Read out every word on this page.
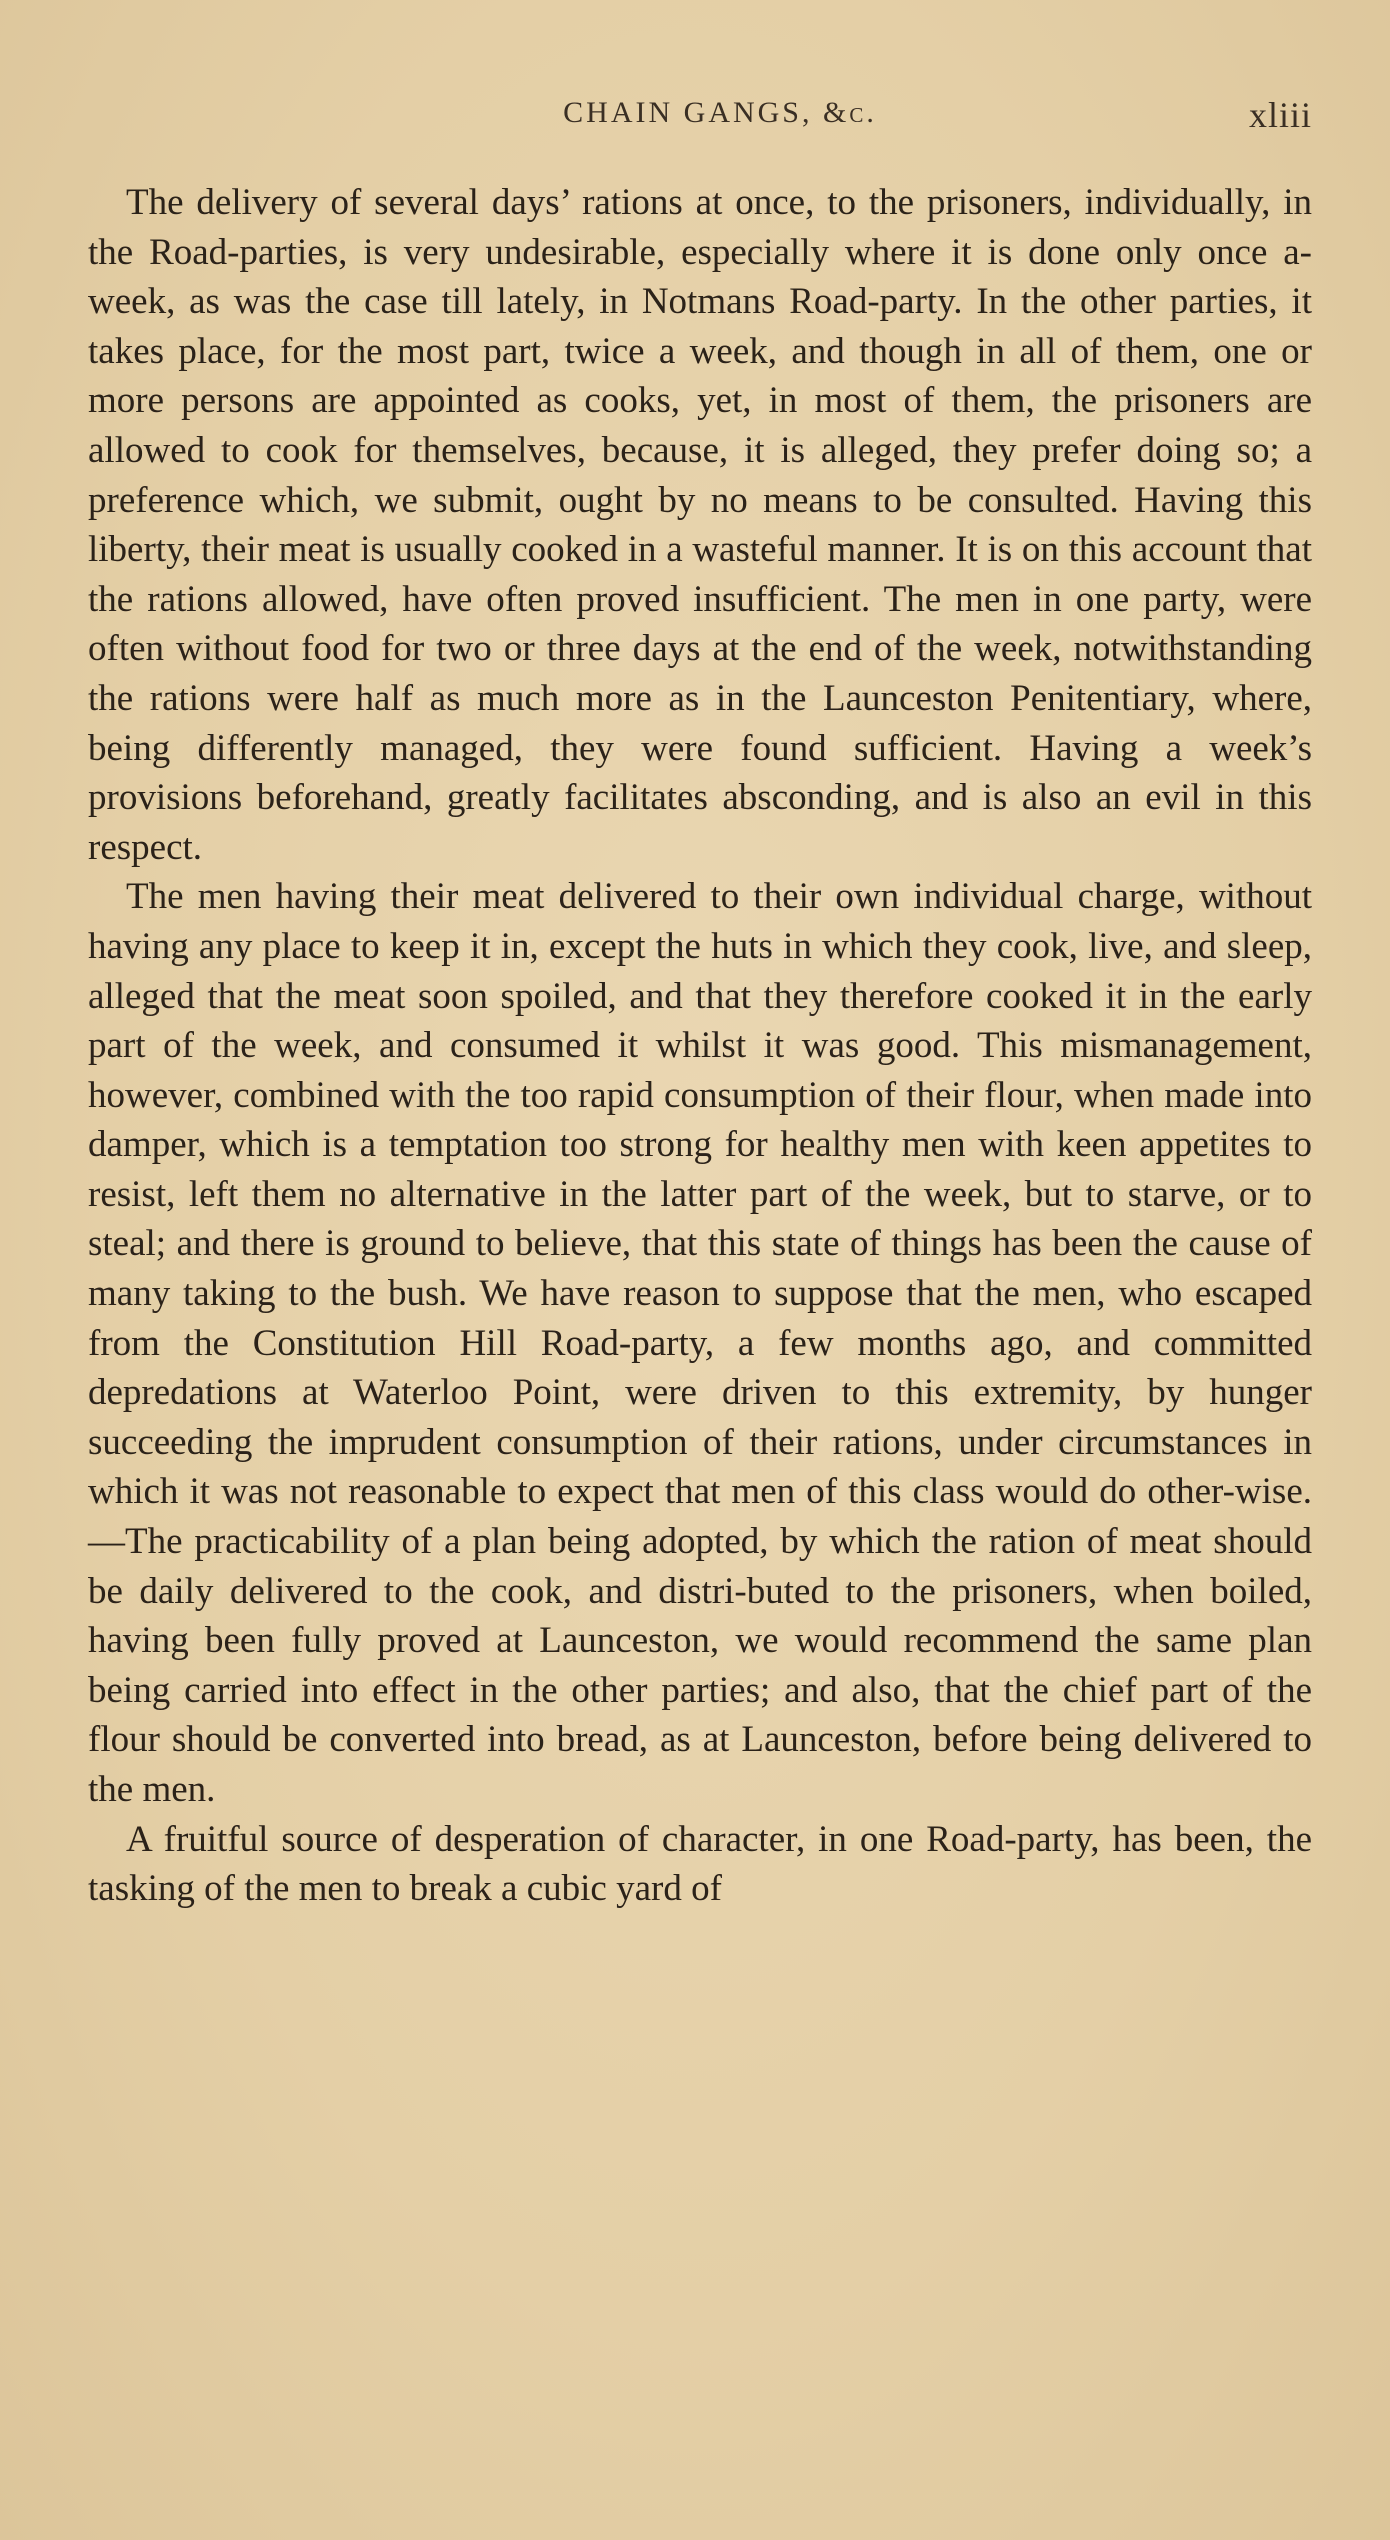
CHAIN GANGS, &c.	xliii

The delivery of several days’ rations at once, to the prisoners, individually, in the Road-parties, is very undesirable, especially where it is done only once a-week, as was the case till lately, in Notmans Road-party. In the other parties, it takes place, for the most part, twice a week, and though in all of them, one or more persons are appointed as cooks, yet, in most of them, the prisoners are allowed to cook for themselves, because, it is alleged, they prefer doing so; a preference which, we submit, ought by no means to be consulted. Having this liberty, their meat is usually cooked in a wasteful manner. It is on this account that the rations allowed, have often proved insufficient. The men in one party, were often without food for two or three days at the end of the week, notwithstanding the rations were half as much more as in the Launceston Penitentiary, where, being differently managed, they were found sufficient. Having a week’s provisions beforehand, greatly facilitates absconding, and is also an evil in this respect.

The men having their meat delivered to their own individual charge, without having any place to keep it in, except the huts in which they cook, live, and sleep, alleged that the meat soon spoiled, and that they therefore cooked it in the early part of the week, and consumed it whilst it was good. This mismanagement, however, combined with the too rapid consumption of their flour, when made into damper, which is a temptation too strong for healthy men with keen appetites to resist, left them no alternative in the latter part of the week, but to starve, or to steal; and there is ground to believe, that this state of things has been the cause of many taking to the bush. We have reason to suppose that the men, who escaped from the Constitution Hill Road-party, a few months ago, and committed depredations at Waterloo Point, were driven to this extremity, by hunger succeeding the imprudent consumption of their rations, under circumstances in which it was not reasonable to expect that men of this class would do other-wise.—The practicability of a plan being adopted, by which the ration of meat should be daily delivered to the cook, and distri-buted to the prisoners, when boiled, having been fully proved at Launceston, we would recommend the same plan being carried into effect in the other parties; and also, that the chief part of the flour should be converted into bread, as at Launceston, before being delivered to the men.

A fruitful source of desperation of character, in one Road-party, has been, the tasking of the men to break a cubic yard of
